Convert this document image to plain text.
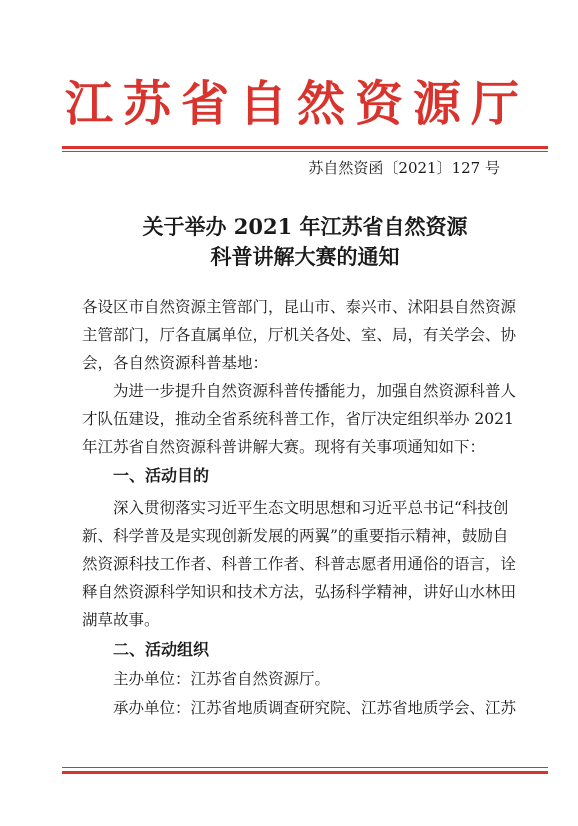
江苏省自然资源厅
苏自然资函〔2021〕127 号
关于举办 2021 年江苏省自然资源
科普讲解大赛的通知
各设区市自然资源主管部门，昆山市、泰兴市、沭阳县自然资源
主管部门，厅各直属单位，厅机关各处、室、局，有关学会、协
会，各自然资源科普基地：
为进一步提升自然资源科普传播能力，加强自然资源科普人
才队伍建设，推动全省系统科普工作，省厅决定组织举办 2021
年江苏省自然资源科普讲解大赛。现将有关事项通知如下：
一、活动目的
深入贯彻落实习近平生态文明思想和习近平总书记“科技创
新、科学普及是实现创新发展的两翼”的重要指示精神，鼓励自
然资源科技工作者、科普工作者、科普志愿者用通俗的语言，诠
释自然资源科学知识和技术方法，弘扬科学精神，讲好山水林田
湖草故事。
二、活动组织
主办单位：江苏省自然资源厅。
承办单位：江苏省地质调查研究院、江苏省地质学会、江苏
